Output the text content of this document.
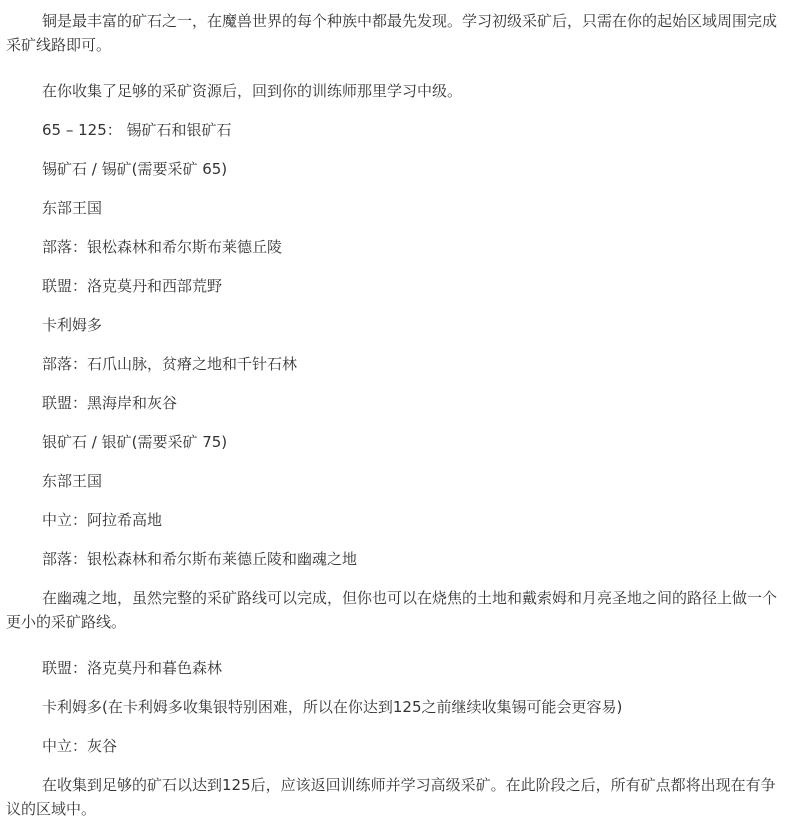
铜是最丰富的矿石之一，在魔兽世界的每个种族中都最先发现。学习初级采矿后，只需在你的起始区域周围完成采矿线路即可。
在你收集了足够的采矿资源后，回到你的训练师那里学习中级。
65 – 125： 锡矿石和银矿石
锡矿石 / 锡矿(需要采矿 65)
东部王国
部落：银松森林和希尔斯布莱德丘陵
联盟：洛克莫丹和西部荒野
卡利姆多
部落：石爪山脉，贫瘠之地和千针石林
联盟：黑海岸和灰谷
银矿石 / 银矿(需要采矿 75)
东部王国
中立：阿拉希高地
部落：银松森林和希尔斯布莱德丘陵和幽魂之地
在幽魂之地，虽然完整的采矿路线可以完成，但你也可以在烧焦的土地和戴索姆和月亮圣地之间的路径上做一个更小的采矿路线。
联盟：洛克莫丹和暮色森林
卡利姆多(在卡利姆多收集银特别困难，所以在你达到125之前继续收集锡可能会更容易)
中立：灰谷
在收集到足够的矿石以达到125后，应该返回训练师并学习高级采矿。在此阶段之后，所有矿点都将出现在有争议的区域中。
